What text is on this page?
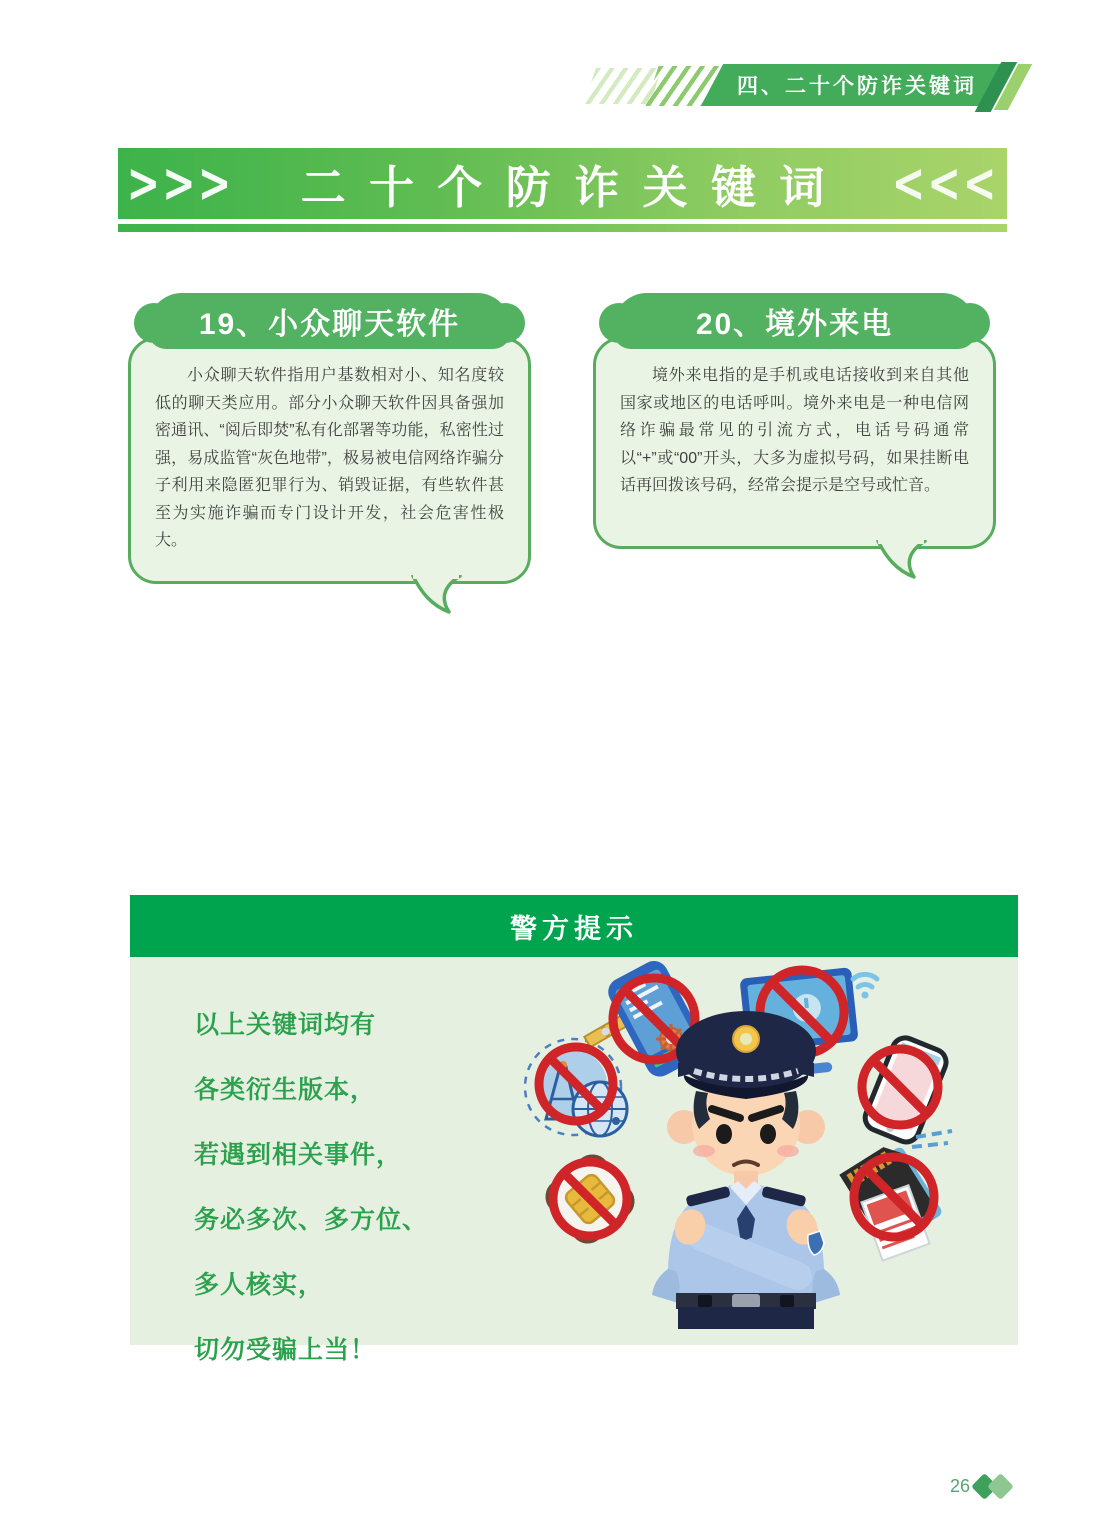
四、二十个防诈关键词
>>>	二十个防诈关键词 <<<
19、小众聊天软件

小众聊天软件指用户基数相对小、知名度较低的聊天类应用。部分小众聊天软件因具备强加密通讯、“阅后即焚”私有化部署等功能，私密性过强，易成监管“灰色地带”，极易被电信网络诈骗分子利用来隐匿犯罪行为、销毁证据，有些软件甚至为实施诈骗而专门设计开发，社会危害性极大。

20、境外来电

境外来电指的是手机或电话接收到来自其他国家或地区的电话呼叫。境外来电是一种电信网络诈骗最常见的引流方式，电话号码通常以“+”或“00”开头，大多为虚拟号码，如果挂断电话再回拨该号码，经常会提示是空号或忙音。

警方提示
以上关键词均有
各类衍生版本，
若遇到相关事件，
务必多次、多方位、
多人核实，
切勿受骗上当！
26
